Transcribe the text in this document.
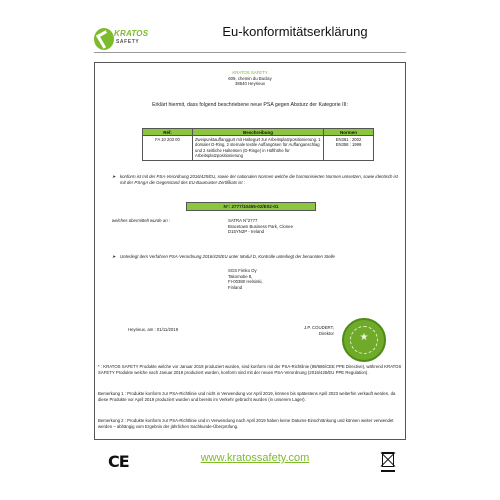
KRATOS
SAFETY
Eu-konformitätserklärung
KRATOS SAFETY
609, chemin du Buclay
38540 Heyrieux
Erklärt hiermit, dass folgend beschriebene neue PSA gegen Absturz der Kategorie III:
Réf.	Beschreibung	Normen
FA 10 203 00	Zweipunktauffanggurt mit Haltegurt zur Arbeitsplatzpositionierung. 1 dorsaler D-Ring, 2 sternale textile Auffangösen für Auffanganschlag und 2 seitliche Halteösen (D-Ringe) in Hüfthöhe für Arbeitsplatzpositionierung	EN361 : 2002
EN358 : 1999
➤	konform ist mit der PSA-Verordnung 2016/425/EU, sowie der nationalen Normen welche die harmonisierten Normen umsetzen, sowie identisch ist mit der PSAgA die Gegenstand des EU-Baumuster-Zertifikats ist :
N°: 2777/10455-02/E02-01
welches übermittelt wurde an :	SATRA N°2777
Bracetown Business Park, Clonee
D15YN2P - Ireland
➤	Unterliegt dem Verfahren PSA-Verordnung 2016/425/EU unter Modul D, Kontrolle unterliegt der benannten Stelle
SGS Fimko Oy
Takomotie 8,
FI-00380 Helsinki,
Finland
Heyrieux, am : 01/11/2019	J.P. COUDERT,
Direktor	★
* : KRATOS SAFETY Produkte welche vor Januar 2019 produziert wurden, sind konform mit der PSA-Richtlinie (89/686/CEE PPE Directive), während KRATOS SAFETY Produkte welche nach Januar 2019 produziert wurden, konform sind mit der neuen PSA-Verordnung (2016/425/EU PPE Regulation).
Bemerkung 1 : Produkte konform zur PSA-Richtlinie und nicht in Verwendung vor April 2019, können bis spätestens April 2023 weiterhin verkauft werden, da diese Produkte vor April 2019 produziert wurden und bereits im Verkehr gebracht wurden (in unserem Lager).
Bemerkung 2 : Produkte konform zur PSA-Richtlinie und in Verwendung nach April 2019 haben keine Datums-Einschränkung und können weiter verwendet werden – abhängig vom Ergebnis der jährlichen Sachkunde-Überprüfung.
CE	www.kratossafety.com
